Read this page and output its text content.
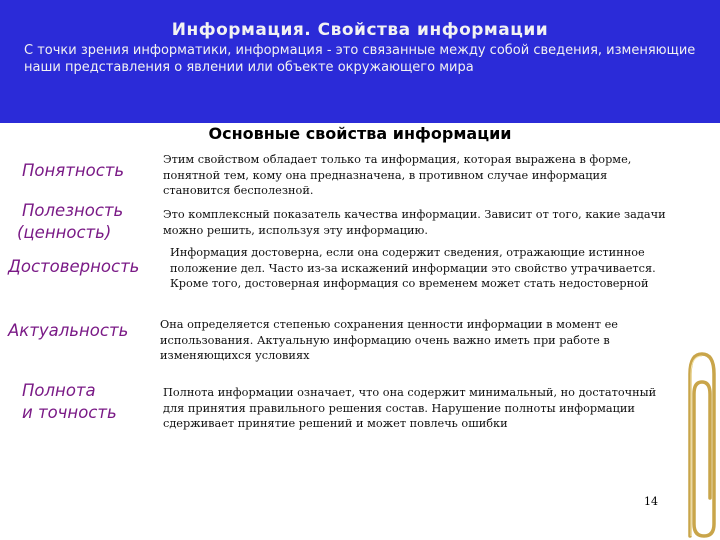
Информация. Свойства информации

С точки зрения информатики, информация - это связанные между собой сведения, изменяющие наши представления о явлении или объекте окружающего мира

Основные свойства информации
Понятность
Этим свойством обладает только та информация, которая выражена в форме, понятной тем, кому она предназначена, в противном случае информация становится бесполезной.
Полезность
(ценность)
Это комплексный показатель качества информации. Зависит от того, какие задачи можно решить, используя эту информацию.
Достоверность
Информация достоверна, если она содержит сведения, отражающие истинное положение дел. Часто из-за искажений информации это свойство утрачивается. Кроме того, достоверная информация со временем может стать недостоверной
Актуальность	Она определяется степенью сохранения ценности информации в момент ее использования. Актуальную информацию очень важно иметь при работе в изменяющихся условиях
Полнота
и точность
Полнота информации означает, что она содержит минимальный, но достаточный для принятия правильного решения состав. Нарушение полноты информации сдерживает принятие решений и может повлечь ошибки
14
